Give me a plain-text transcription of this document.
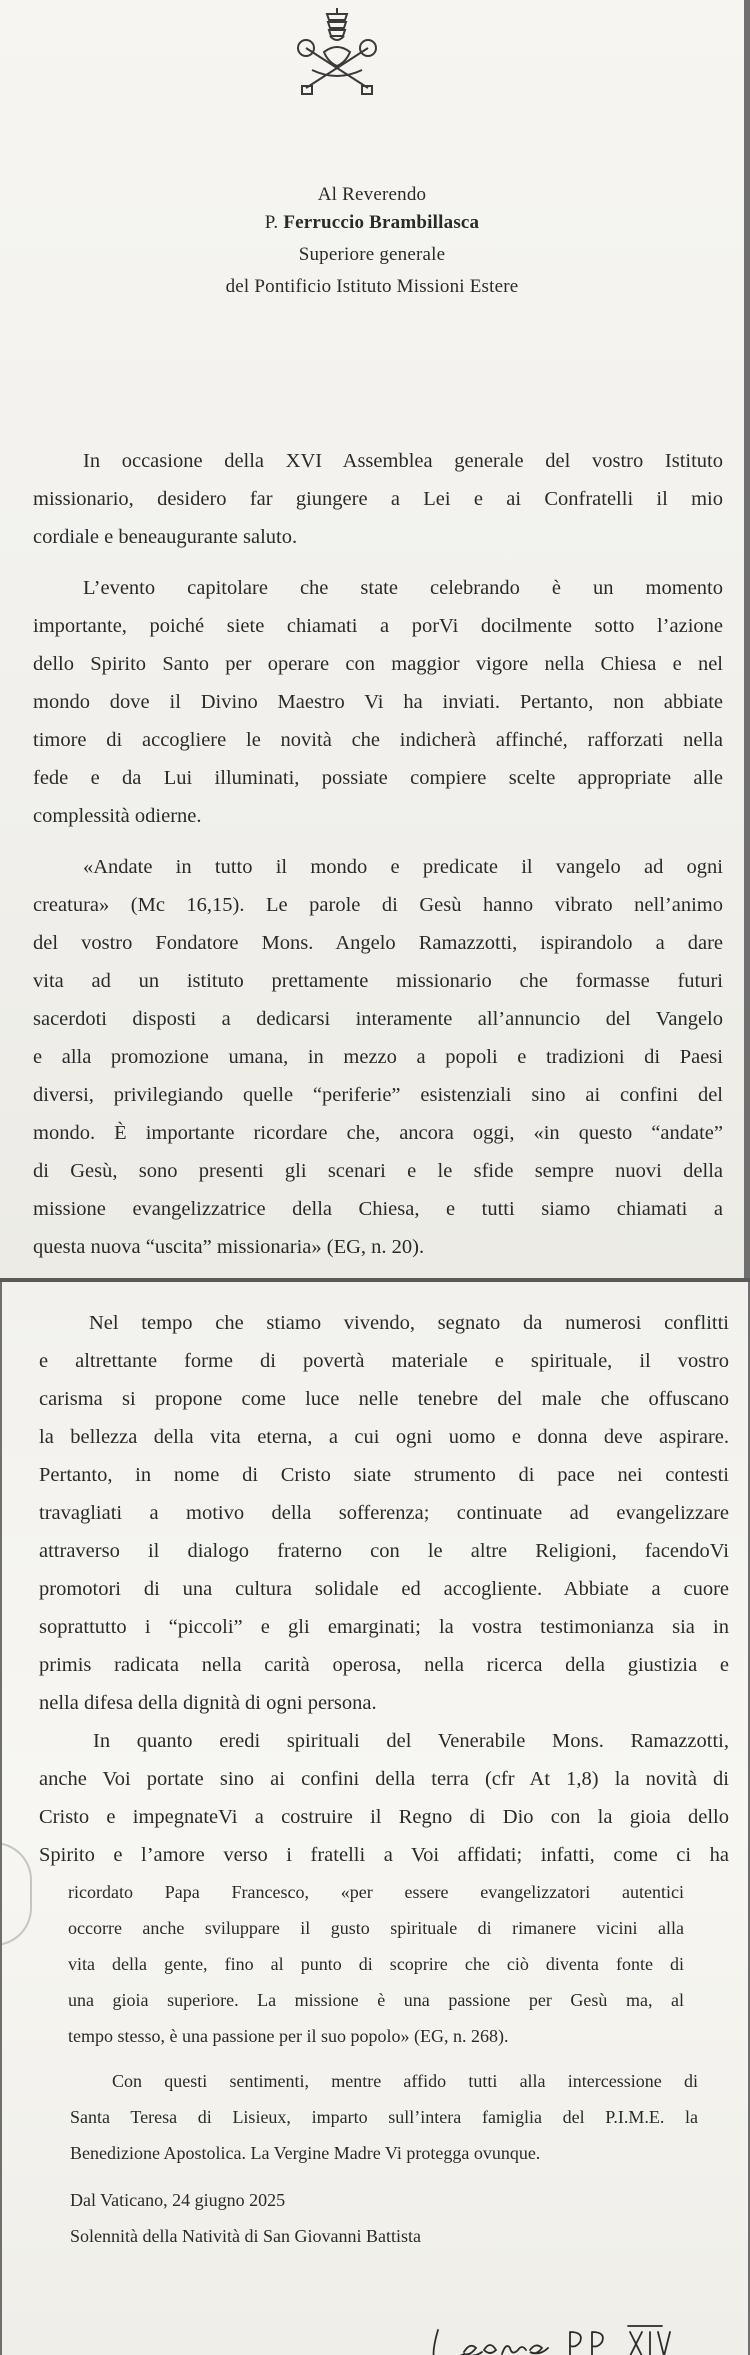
Al Reverendo
P. Ferruccio Brambillasca
Superiore generale
del Pontificio Istituto Missioni Estere
In occasione della XVI Assemblea generale del vostro Istituto
missionario, desidero far giungere a Lei e ai Confratelli il mio
cordiale e beneaugurante saluto.
L’evento capitolare che state celebrando è un momento
importante, poiché siete chiamati a porVi docilmente sotto l’azione
dello Spirito Santo per operare con maggior vigore nella Chiesa e nel
mondo dove il Divino Maestro Vi ha inviati. Pertanto, non abbiate
timore di accogliere le novità che indicherà affinché, rafforzati nella
fede e da Lui illuminati, possiate compiere scelte appropriate alle
complessità odierne.
«Andate in tutto il mondo e predicate il vangelo ad ogni
creatura» (Mc 16,15). Le parole di Gesù hanno vibrato nell’animo
del vostro Fondatore Mons. Angelo Ramazzotti, ispirandolo a dare
vita ad un istituto prettamente missionario che formasse futuri
sacerdoti disposti a dedicarsi interamente all’annuncio del Vangelo
e alla promozione umana, in mezzo a popoli e tradizioni di Paesi
diversi, privilegiando quelle “periferie” esistenziali sino ai confini del
mondo. È importante ricordare che, ancora oggi, «in questo “andate”
di Gesù, sono presenti gli scenari e le sfide sempre nuovi della
missione evangelizzatrice della Chiesa, e tutti siamo chiamati a
questa nuova “uscita” missionaria» (EG, n. 20).
Nel tempo che stiamo vivendo, segnato da numerosi conflitti
e altrettante forme di povertà materiale e spirituale, il vostro
carisma si propone come luce nelle tenebre del male che offuscano
la bellezza della vita eterna, a cui ogni uomo e donna deve aspirare.
Pertanto, in nome di Cristo siate strumento di pace nei contesti
travagliati a motivo della sofferenza; continuate ad evangelizzare
attraverso il dialogo fraterno con le altre Religioni, facendoVi
promotori di una cultura solidale ed accogliente. Abbiate a cuore
soprattutto i “piccoli” e gli emarginati; la vostra testimonianza sia in
primis radicata nella carità operosa, nella ricerca della giustizia e
nella difesa della dignità di ogni persona.
In quanto eredi spirituali del Venerabile Mons. Ramazzotti,
anche Voi portate sino ai confini della terra (cfr At 1,8) la novità di
Cristo e impegnateVi a costruire il Regno di Dio con la gioia dello
Spirito e l’amore verso i fratelli a Voi affidati; infatti, come ci ha
ricordato Papa Francesco, «per essere evangelizzatori autentici
occorre anche sviluppare il gusto spirituale di rimanere vicini alla
vita della gente, fino al punto di scoprire che ciò diventa fonte di
una gioia superiore. La missione è una passione per Gesù ma, al
tempo stesso, è una passione per il suo popolo» (EG, n. 268).
Con questi sentimenti, mentre affido tutti alla intercessione di
Santa Teresa di Lisieux, imparto sull’intera famiglia del P.I.M.E. la
Benedizione Apostolica. La Vergine Madre Vi protegga ovunque.
Dal Vaticano, 24 giugno 2025
Solennità della Natività di San Giovanni Battista
